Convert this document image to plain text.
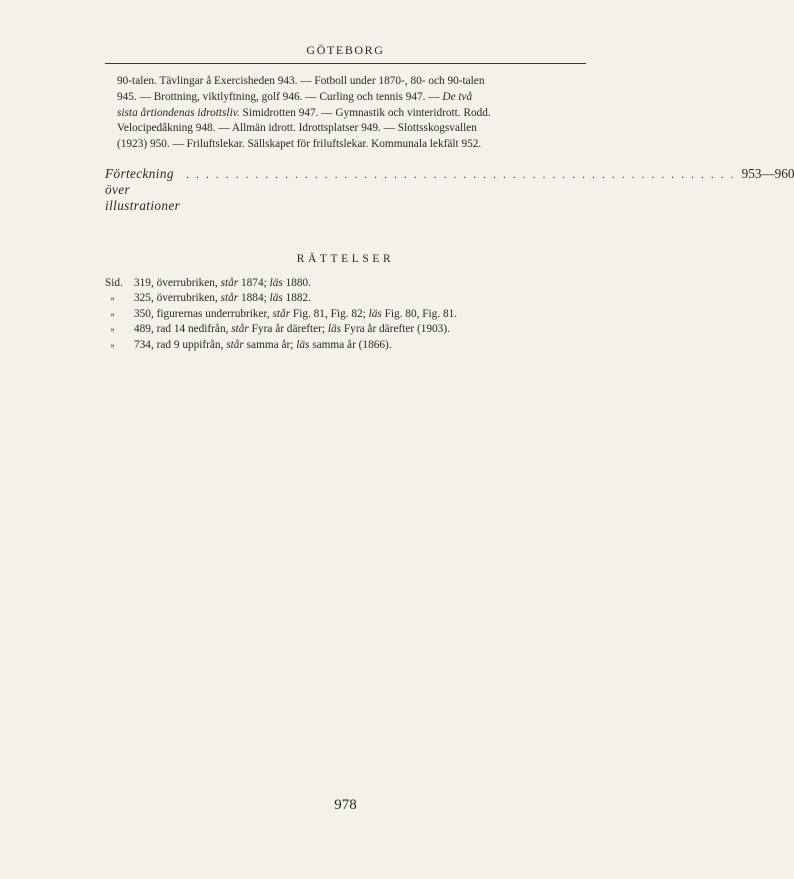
GÖTEBORG
90-talen. Tävlingar å Exercisheden 943. — Fotboll under 1870-, 80- och 90-talen
945. — Brottning, viktlyftning, golf 946. — Curling och tennis 947. — De två
sista årtiondenas idrottsliv. Simidrotten 947. — Gymnastik och vinteridrott. Rodd.
Velocipedåkning 948. — Allmän idrott. Idrottsplatser 949. — Slottsskogsvallen
(1923) 950. — Friluftslekar. Sällskapet för friluftslekar. Kommunala lekfält 952.
Förteckning över illustrationer
. . . . . . . . . . . . . . . . . . . . . . . . . . . . . . . . . . . . . . . . . . . . . . . . . . . . . . . . 953—960
RÄTTELSER
Sid. 319, överrubriken, står 1874; läs 1880.
»	325, överrubriken, står 1884; läs 1882.
»	350, figurernas underrubriker, står Fig. 81, Fig. 82; läs Fig. 80, Fig. 81.
»	489, rad 14 nedifrån, står Fyra år därefter; läs Fyra år därefter (1903).
»	734, rad 9 uppifrån, står samma år; läs samma år (1866).
978
